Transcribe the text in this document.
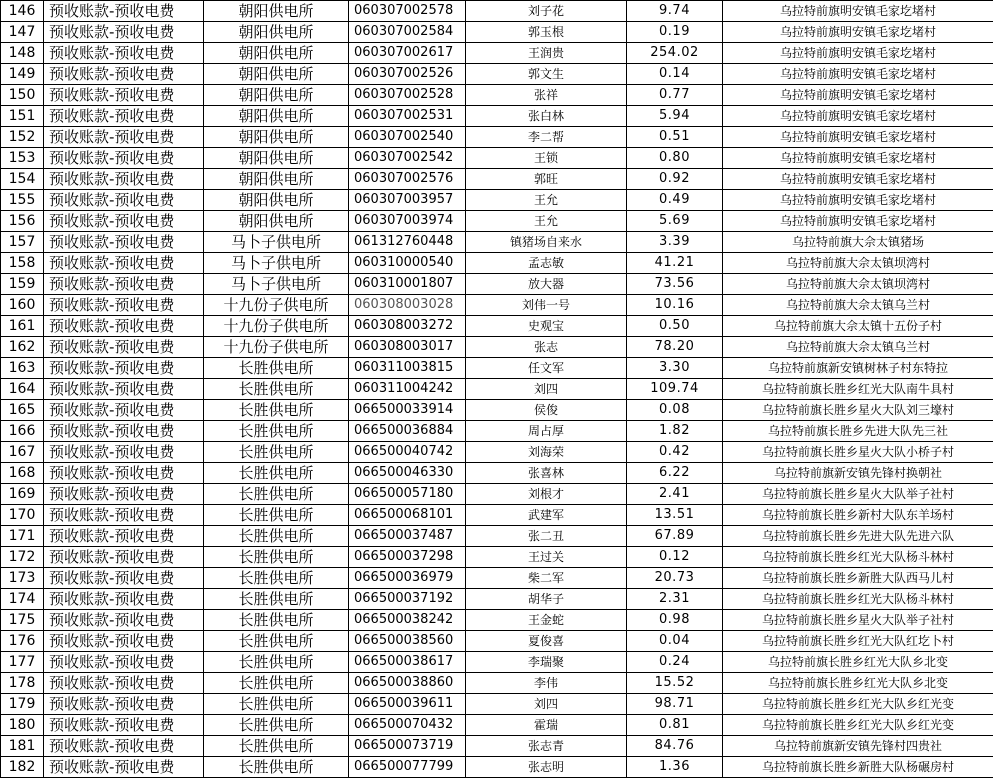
146	预收账款-预收电费	朝阳供电所	060307002578	刘子花	9.74	乌拉特前旗明安镇毛家圪堵村
147	预收账款-预收电费	朝阳供电所	060307002584	郭玉根	0.19	乌拉特前旗明安镇毛家圪堵村
148	预收账款-预收电费	朝阳供电所	060307002617	王润贵	254.02	乌拉特前旗明安镇毛家圪堵村
149	预收账款-预收电费	朝阳供电所	060307002526	郭文生	0.14	乌拉特前旗明安镇毛家圪堵村
150	预收账款-预收电费	朝阳供电所	060307002528	张祥	0.77	乌拉特前旗明安镇毛家圪堵村
151	预收账款-预收电费	朝阳供电所	060307002531	张白林	5.94	乌拉特前旗明安镇毛家圪堵村
152	预收账款-预收电费	朝阳供电所	060307002540	李二帮	0.51	乌拉特前旗明安镇毛家圪堵村
153	预收账款-预收电费	朝阳供电所	060307002542	王锁	0.80	乌拉特前旗明安镇毛家圪堵村
154	预收账款-预收电费	朝阳供电所	060307002576	郭旺	0.92	乌拉特前旗明安镇毛家圪堵村
155	预收账款-预收电费	朝阳供电所	060307003957	王允	0.49	乌拉特前旗明安镇毛家圪堵村
156	预收账款-预收电费	朝阳供电所	060307003974	王允	5.69	乌拉特前旗明安镇毛家圪堵村
157	预收账款-预收电费	马卜子供电所	061312760448	镇猪场自来水	3.39	乌拉特前旗大佘太镇猪场
158	预收账款-预收电费	马卜子供电所	060310000540	孟志敏	41.21	乌拉特前旗大佘太镇坝湾村
159	预收账款-预收电费	马卜子供电所	060310001807	放大器	73.56	乌拉特前旗大佘太镇坝湾村
160	预收账款-预收电费	十九份子供电所	060308003028	刘伟一号	10.16	乌拉特前旗大佘太镇乌兰村
161	预收账款-预收电费	十九份子供电所	060308003272	史观宝	0.50	乌拉特前旗大佘太镇十五份子村
162	预收账款-预收电费	十九份子供电所	060308003017	张志	78.20	乌拉特前旗大佘太镇乌兰村
163	预收账款-预收电费	长胜供电所	060311003815	任文军	3.30	乌拉特前旗新安镇树林子村东特拉
164	预收账款-预收电费	长胜供电所	060311004242	刘四	109.74	乌拉特前旗长胜乡红光大队南牛具村
165	预收账款-预收电费	长胜供电所	066500033914	侯俊	0.08	乌拉特前旗长胜乡星火大队刘三壕村
166	预收账款-预收电费	长胜供电所	066500036884	周占厚	1.82	乌拉特前旗长胜乡先进大队先三社
167	预收账款-预收电费	长胜供电所	066500040742	刘海荣	0.42	乌拉特前旗长胜乡星火大队小桥子村
168	预收账款-预收电费	长胜供电所	066500046330	张喜林	6.22	乌拉特前旗新安镇先锋村换朝社
169	预收账款-预收电费	长胜供电所	066500057180	刘根才	2.41	乌拉特前旗长胜乡星火大队举子社村
170	预收账款-预收电费	长胜供电所	066500068101	武建军	13.51	乌拉特前旗长胜乡新村大队东羊场村
171	预收账款-预收电费	长胜供电所	066500037487	张二丑	67.89	乌拉特前旗长胜乡先进大队先进六队
172	预收账款-预收电费	长胜供电所	066500037298	王过关	0.12	乌拉特前旗长胜乡红光大队杨斗林村
173	预收账款-预收电费	长胜供电所	066500036979	柴二军	20.73	乌拉特前旗长胜乡新胜大队西马儿村
174	预收账款-预收电费	长胜供电所	066500037192	胡华子	2.31	乌拉特前旗长胜乡红光大队杨斗林村
175	预收账款-预收电费	长胜供电所	066500038242	王金蛇	0.98	乌拉特前旗长胜乡星火大队举子社村
176	预收账款-预收电费	长胜供电所	066500038560	夏俊喜	0.04	乌拉特前旗长胜乡红光大队红圪卜村
177	预收账款-预收电费	长胜供电所	066500038617	李瑞聚	0.24	乌拉特前旗长胜乡红光大队乡北变
178	预收账款-预收电费	长胜供电所	066500038860	李伟	15.52	乌拉特前旗长胜乡红光大队乡北变
179	预收账款-预收电费	长胜供电所	066500039611	刘四	98.71	乌拉特前旗长胜乡红光大队乡红光变
180	预收账款-预收电费	长胜供电所	066500070432	霍瑞	0.81	乌拉特前旗长胜乡红光大队乡红光变
181	预收账款-预收电费	长胜供电所	066500073719	张志青	84.76	乌拉特前旗新安镇先锋村四贵社
182	预收账款-预收电费	长胜供电所	066500077799	张志明	1.36	乌拉特前旗长胜乡新胜大队杨碾房村
